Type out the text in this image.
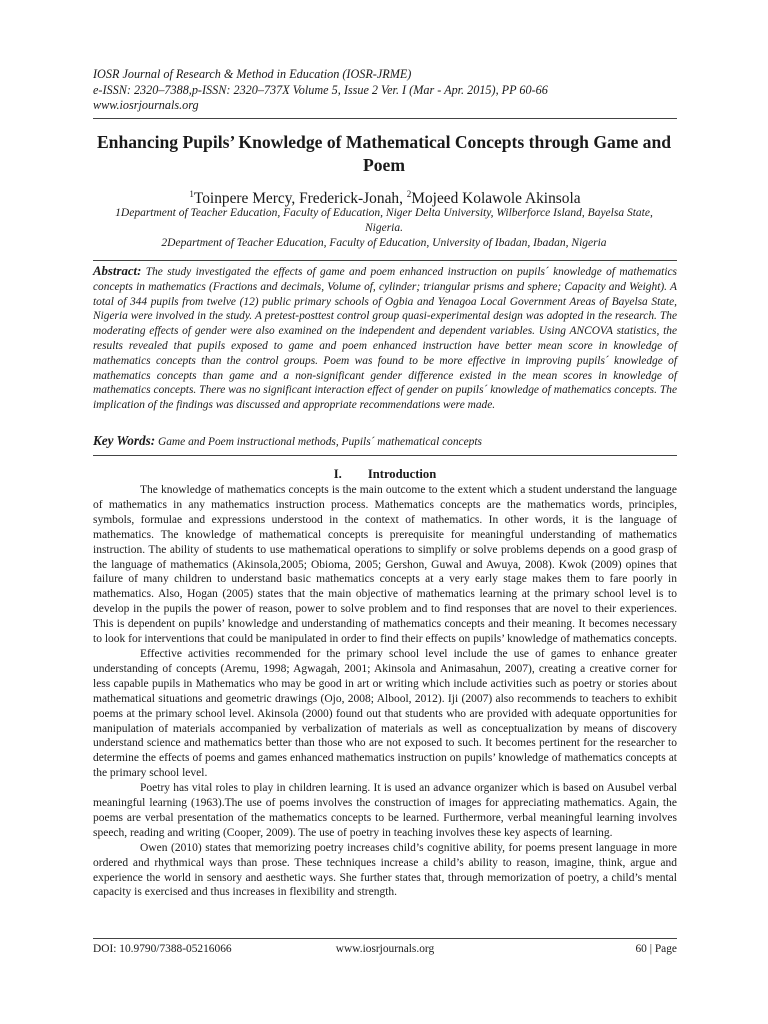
IOSR Journal of Research & Method in Education (IOSR-JRME)
e-ISSN: 2320–7388,p-ISSN: 2320–737X Volume 5, Issue 2 Ver. I (Mar - Apr. 2015), PP 60-66
www.iosrjournals.org
Enhancing Pupils’ Knowledge of Mathematical Concepts through Game and Poem
$^1$Toinpere Mercy, Frederick-Jonah, $^2$Mojeed Kolawole Akinsola
1Department of Teacher Education, Faculty of Education, Niger Delta University, Wilberforce Island, Bayelsa State, Nigeria.
2Department of Teacher Education, Faculty of Education, University of Ibadan, Ibadan, Nigeria
Abstract: The study investigated the effects of game and poem enhanced instruction on pupils´ knowledge of mathematics concepts in mathematics (Fractions and decimals, Volume of, cylinder; triangular prisms and sphere; Capacity and Weight). A total of 344 pupils from twelve (12) public primary schools of Ogbia and Yenagoa Local Government Areas of Bayelsa State, Nigeria were involved in the study. A pretest-posttest control group quasi-experimental design was adopted in the research. The moderating effects of gender were also examined on the independent and dependent variables. Using ANCOVA statistics, the results revealed that pupils exposed to game and poem enhanced instruction have better mean score in knowledge of mathematics concepts than the control groups. Poem was found to be more effective in improving pupils´ knowledge of mathematics concepts than game and a non-significant gender difference existed in the mean scores in knowledge of mathematics concepts. There was no significant interaction effect of gender on pupils´ knowledge of mathematics concepts. The implication of the findings was discussed and appropriate recommendations were made.
Key Words: Game and Poem instructional methods, Pupils´ mathematical concepts
I. Introduction

The knowledge of mathematics concepts is the main outcome to the extent which a student understand the language of mathematics in any mathematics instruction process. Mathematics concepts are the mathematics words, principles, symbols, formulae and expressions understood in the context of mathematics. In other words, it is the language of mathematics. The knowledge of mathematical concepts is prerequisite for meaningful understanding of mathematics instruction. The ability of students to use mathematical operations to simplify or solve problems depends on a good grasp of the language of mathematics (Akinsola,2005; Obioma, 2005; Gershon, Guwal and Awuya, 2008). Kwok (2009) opines that failure of many children to understand basic mathematics concepts at a very early stage makes them to fare poorly in mathematics. Also, Hogan (2005) states that the main objective of mathematics learning at the primary school level is to develop in the pupils the power of reason, power to solve problem and to find responses that are novel to their experiences. This is dependent on pupils’ knowledge and understanding of mathematics concepts and their meaning. It becomes necessary to look for interventions that could be manipulated in order to find their effects on pupils’ knowledge of mathematics concepts.

Effective activities recommended for the primary school level include the use of games to enhance greater understanding of concepts (Aremu, 1998; Agwagah, 2001; Akinsola and Animasahun, 2007), creating a creative corner for less capable pupils in Mathematics who may be good in art or writing which include activities such as poetry or stories about mathematical situations and geometric drawings (Ojo, 2008; Albool, 2012). Iji (2007) also recommends to teachers to exhibit poems at the primary school level. Akinsola (2000) found out that students who are provided with adequate opportunities for manipulation of materials accompanied by verbalization of materials as well as conceptualization by means of discovery understand science and mathematics better than those who are not exposed to such. It becomes pertinent for the researcher to determine the effects of poems and games enhanced mathematics instruction on pupils’ knowledge of mathematics concepts at the primary school level.

Poetry has vital roles to play in children learning. It is used an advance organizer which is based on Ausubel verbal meaningful learning (1963).The use of poems involves the construction of images for appreciating mathematics. Again, the poems are verbal presentation of the mathematics concepts to be learned. Furthermore, verbal meaningful learning involves speech, reading and writing (Cooper, 2009). The use of poetry in teaching involves these key aspects of learning.

Owen (2010) states that memorizing poetry increases child’s cognitive ability, for poems present language in more ordered and rhythmical ways than prose. These techniques increase a child’s ability to reason, imagine, think, argue and experience the world in sensory and aesthetic ways. She further states that, through memorization of poetry, a child’s mental capacity is exercised and thus increases in flexibility and strength.

DOI: 10.9790/7388-05216066	www.iosrjournals.org	60 | Page
